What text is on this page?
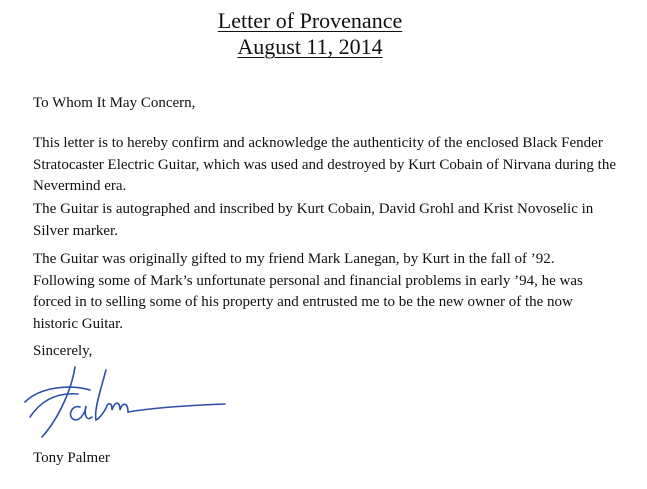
Letter of Provenance
August 11, 2014
To Whom It May Concern,
This letter is to hereby confirm and acknowledge the authenticity of the enclosed Black Fender
Stratocaster Electric Guitar, which was used and destroyed by Kurt Cobain of Nirvana during the
Nevermind era.
The Guitar is autographed and inscribed by Kurt Cobain, David Grohl and Krist Novoselic in
Silver marker.
The Guitar was originally gifted to my friend Mark Lanegan, by Kurt in the fall of ’92.
Following some of Mark’s unfortunate personal and financial problems in early ’94, he was
forced in to selling some of his property and entrusted me to be the new owner of the now
historic Guitar.
Sincerely,
Tony Palmer
